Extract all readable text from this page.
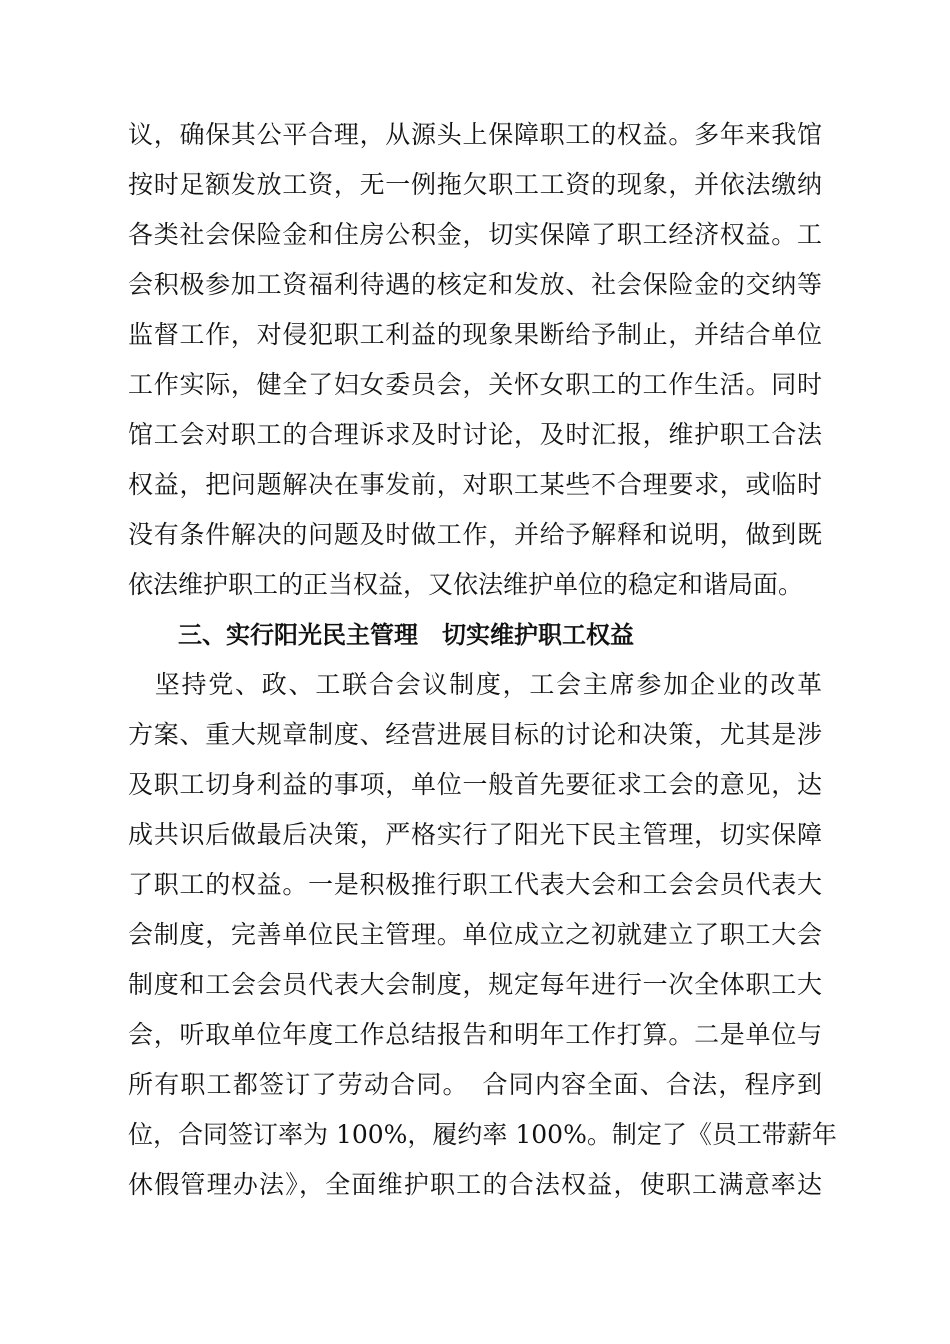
议，确保其公平合理，从源头上保障职工的权益。多年来我馆
按时足额发放工资，无一例拖欠职工工资的现象，并依法缴纳
各类社会保险金和住房公积金，切实保障了职工经济权益。工
会积极参加工资福利待遇的核定和发放、社会保险金的交纳等
监督工作，对侵犯职工利益的现象果断给予制止，并结合单位
工作实际，健全了妇女委员会，关怀女职工的工作生活。同时
馆工会对职工的合理诉求及时讨论，及时汇报，维护职工合法
权益，把问题解决在事发前，对职工某些不合理要求，或临时
没有条件解决的问题及时做工作，并给予解释和说明，做到既
依法维护职工的正当权益，又依法维护单位的稳定和谐局面。
三、实行阳光民主管理　切实维护职工权益
　坚持党、政、工联合会议制度，工会主席参加企业的改革
方案、重大规章制度、经营进展目标的讨论和决策，尤其是涉
及职工切身利益的事项，单位一般首先要征求工会的意见，达
成共识后做最后决策，严格实行了阳光下民主管理，切实保障
了职工的权益。一是积极推行职工代表大会和工会会员代表大
会制度，完善单位民主管理。单位成立之初就建立了职工大会
制度和工会会员代表大会制度，规定每年进行一次全体职工大
会，听取单位年度工作总结报告和明年工作打算。二是单位与
所有职工都签订了劳动合同。　合同内容全面、合法，程序到
位，合同签订率为 100%，履约率 100%。制定了《员工带薪年
休假管理办法》，全面维护职工的合法权益，使职工满意率达
